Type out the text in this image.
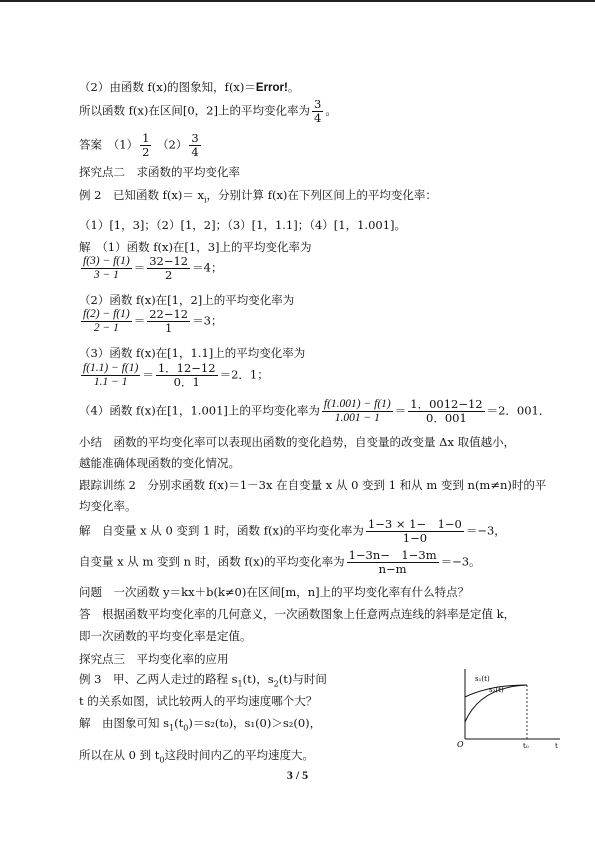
（2）由函数 f(x)的图象知，f(x)＝Error!。
所以函数 f(x)在区间[0，2]上的平均变化率为 $\frac{3}{4}$ 。
答案　$(1) \frac{1}{2} (2) \frac{3}{4}$
探究点二　求函数的平均变化率
例 2　已知函数 $f(x)= x_i$，分别计算 f(x)在下列区间上的平均变化率：
（1）[1，3]；（2）[1，2]；（3）[1，1.1]；（4）[1，1.001]。
解　（1）函数 f(x)在[1，3]上的平均变化率为
$\frac{f(3) - f(1)}{3 - 1} = \frac{32-12}{2} =4$；
（2）函数 f(x)在[1，2]上的平均变化率为
$\frac{f(2) - f(1)}{2 - 1} = \frac{22-12}{1} =3$；
（3）函数 f(x)在[1，1.1]上的平均变化率为
$\frac{f(1.1) - f(1)}{1.1 - 1} = \frac{1.12-12}{0.1} =2$．1；
（4）函数 f(x)在[1，1.001]上的平均变化率为 $\frac{f(1.001) - f(1)}{1.001 - 1} = \frac{1.0012-12}{0.001} =2$．001．
小结　函数的平均变化率可以表现出函数的变化趋势，自变量的改变量 Δx 取值越小，
越能准确体现函数的变化情况。
跟踪训练 2　分别求函数 f(x)＝1－3x 在自变量 x 从 0 变到 1 和从 m 变到 n(m≠n)时的平
均变化率。
解　自变量 x 从 0 变到 1 时，函数 f(x)的平均变化率为 $\frac{1-3 \times 1- 1-0}{1-0} =-3$，
自变量 x 从 m 变到 n 时，函数 f(x)的平均变化率为 $\frac{1-3n- 1-3m}{n-m} =-3$。
问题　一次函数 y＝kx＋b(k≠0)在区间[m，n]上的平均变化率有什么特点？
答　根据函数平均变化率的几何意义，一次函数图象上任意两点连线的斜率是定值 k，
即一次函数的平均变化率是定值。
探究点三　平均变化率的应用
例 3　甲、乙两人走过的路程 $s_1(t)$，$s_2(t)$与时间
t 的关系如图，试比较两人的平均速度哪个大？
解　由图象可知 $s_1(t_0)=s_2(t_0)$，s₁(0)＞s₂(0)，
所以在从 0 到 $t_0$这段时间内乙的平均速度大。
s₁(t)
s₂(t)
O	t₀	t
3 / 5
